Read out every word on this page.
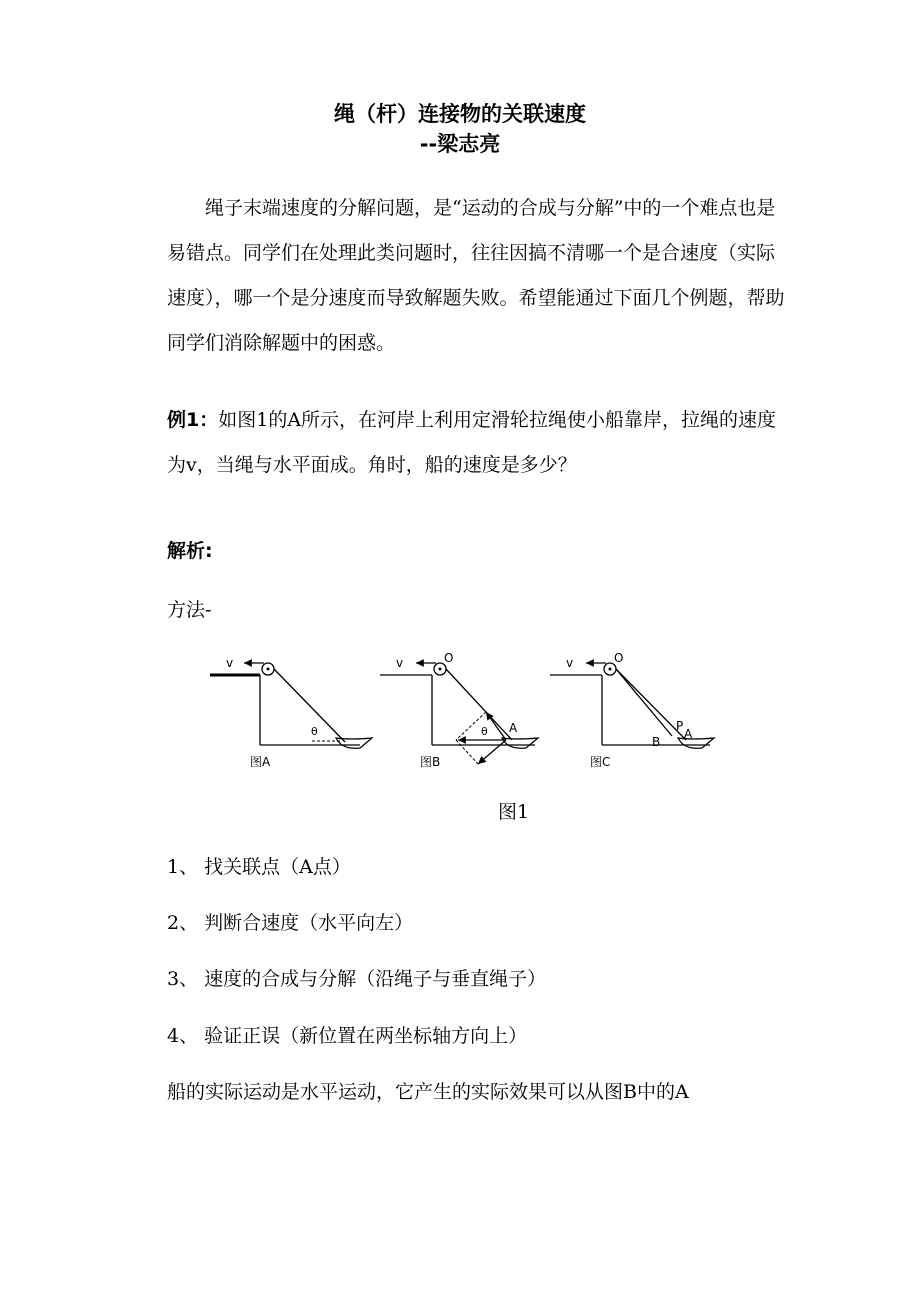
绳（杆）连接物的关联速度
--梁志亮

绳子末端速度的分解问题，是“运动的合成与分解”中的一个难点也是易错点。同学们在处理此类问题时，往往因搞不清哪一个是合速度（实际速度），哪一个是分速度而导致解题失败。希望能通过下面几个例题，帮助同学们消除解题中的困惑。

例1：如图1的A所示，在河岸上利用定滑轮拉绳使小船靠岸，拉绳的速度为v，当绳与水平面成。角时，船的速度是多少？

解析:
方法-
v
θ
图A
v	O
θ A
图B
v	O
P
A
B
图C
图1
1、 找关联点（A点）
2、 判断合速度（水平向左）
3、 速度的合成与分解（沿绳子与垂直绳子）
4、 验证正误（新位置在两坐标轴方向上）
船的实际运动是水平运动，它产生的实际效果可以从图B中的A
